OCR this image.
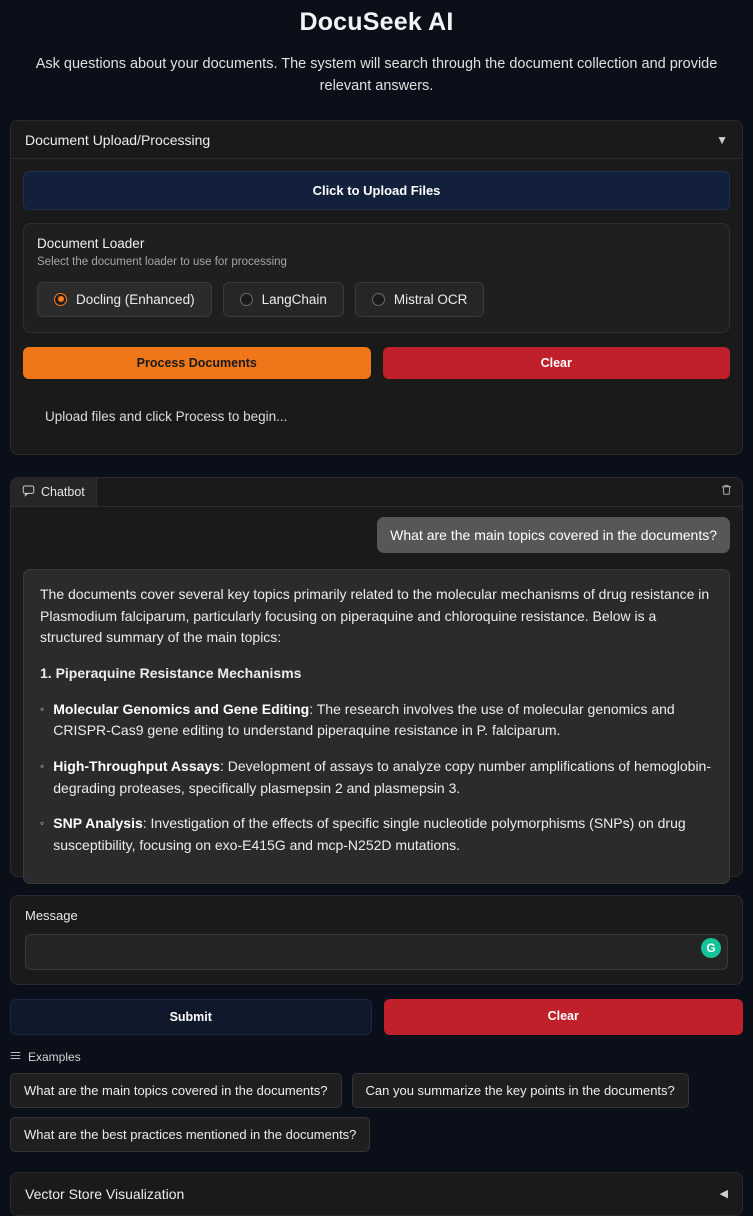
DocuSeek AI
Ask questions about your documents. The system will search through the document collection and provide relevant answers.
Document Upload/Processing	▼
Click to Upload Files
Document Loader
Select the document loader to use for processing
Docling (Enhanced)	LangChain	Mistral OCR
Process Documents	Clear
Upload files and click Process to begin...
Chatbot
What are the main topics covered in the documents?

The documents cover several key topics primarily related to the molecular mechanisms of drug resistance in Plasmodium falciparum, particularly focusing on piperaquine and chloroquine resistance. Below is a structured summary of the main topics:

1. Piperaquine Resistance Mechanisms

◦ Molecular Genomics and Gene Editing: The research involves the use of molecular genomics and CRISPR-Cas9 gene editing to understand piperaquine resistance in P. falciparum.
◦ High-Throughput Assays: Development of assays to analyze copy number amplifications of hemoglobin-degrading proteases, specifically plasmepsin 2 and plasmepsin 3.
◦ SNP Analysis: Investigation of the effects of specific single nucleotide polymorphisms (SNPs) on drug susceptibility, focusing on exo-E415G and mcp-N252D mutations.
Message
G
Submit	Clear
Examples
What are the main topics covered in the documents?	Can you summarize the key points in the documents?
What are the best practices mentioned in the documents?
Vector Store Visualization	◀
